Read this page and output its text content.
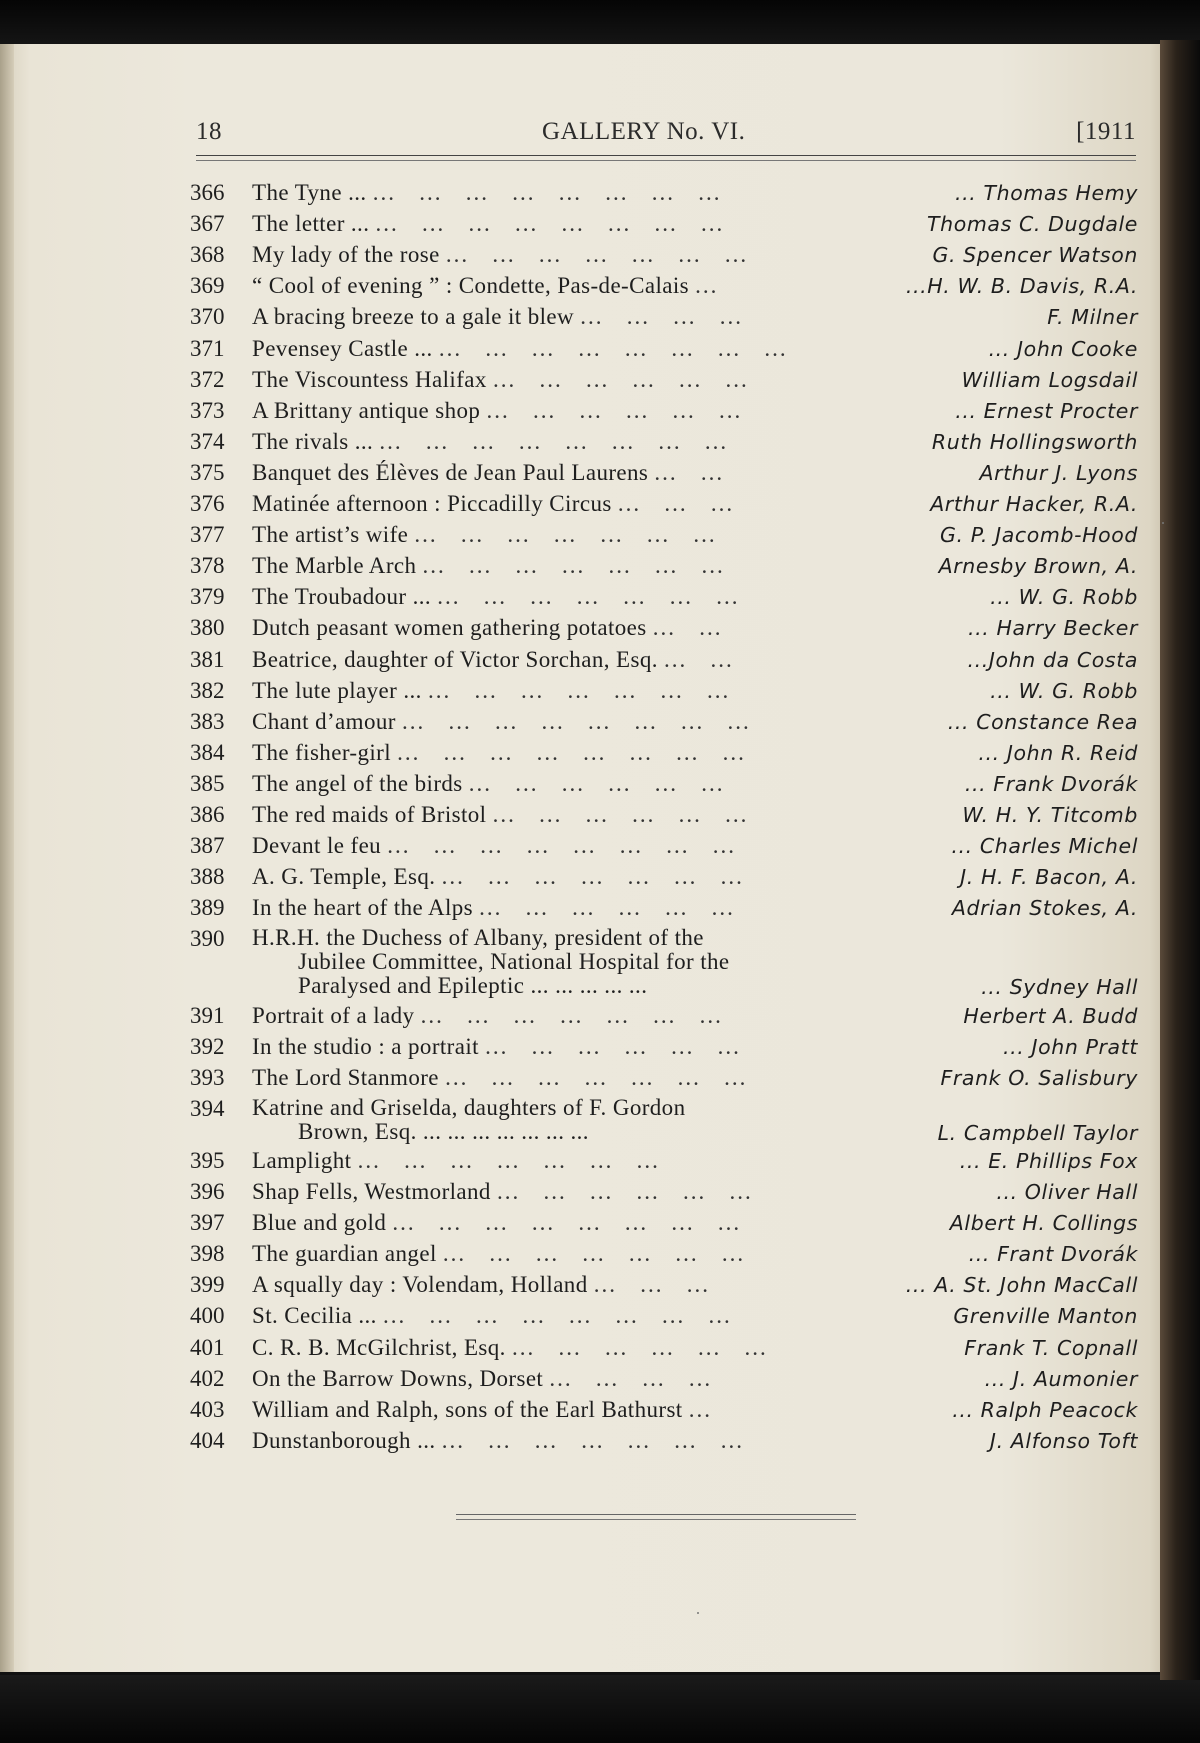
18	GALLERY No. VI.	[1911
366	The Tyne ... ...   ...   ...   ...   ...   ...   ...   ...	... Thomas Hemy
367	The letter ... ...   ...   ...   ...   ...   ...   ...   ...	Thomas C. Dugdale
368	My lady of the rose ...   ...   ...   ...   ...   ...   ...	G. Spencer Watson
369	“ Cool of evening ” : Condette, Pas-de-Calais ...	...H. W. B. Davis, R.A.
370	A bracing breeze to a gale it blew ...   ...   ...   ...	F. Milner
371	Pevensey Castle ... ...   ...   ...   ...   ...   ...   ...   ...	... John Cooke
372	The Viscountess Halifax ...   ...   ...   ...   ...   ...	William Logsdail
373	A Brittany antique shop ...   ...   ...   ...   ...   ...	... Ernest Procter
374	The rivals ... ...   ...   ...   ...   ...   ...   ...   ...	Ruth Hollingsworth
375	Banquet des Élèves de Jean Paul Laurens ...   ...	Arthur J. Lyons
376	Matinée afternoon : Piccadilly Circus ...   ...   ...	Arthur Hacker, R.A.
377	The artist’s wife ...   ...   ...   ...   ...   ...   ...	G. P. Jacomb-Hood
378	The Marble Arch ...   ...   ...   ...   ...   ...   ...	Arnesby Brown, A.
379	The Troubadour ... ...   ...   ...   ...   ...   ...   ...	... W. G. Robb
380	Dutch peasant women gathering potatoes ...   ...	... Harry Becker
381	Beatrice, daughter of Victor Sorchan, Esq. ...   ...	...John da Costa
382	The lute player ... ...   ...   ...   ...   ...   ...   ...	... W. G. Robb
383	Chant d’amour ...   ...   ...   ...   ...   ...   ...   ...	... Constance Rea
384	The fisher-girl ...   ...   ...   ...   ...   ...   ...   ...	... John R. Reid
385	The angel of the birds ...   ...   ...   ...   ...   ...	... Frank Dvorák
386	The red maids of Bristol ...   ...   ...   ...   ...   ...	W. H. Y. Titcomb
387	Devant le feu ...   ...   ...   ...   ...   ...   ...   ...	... Charles Michel
388	A. G. Temple, Esq. ...   ...   ...   ...   ...   ...   ...	J. H. F. Bacon, A.
389	In the heart of the Alps ...   ...   ...   ...   ...   ...	Adrian Stokes, A.
390	H.R.H. the Duchess of Albany, president of the
Jubilee Committee, National Hospital for the
Paralysed and Epileptic ... ... ... ... ...	... Sydney Hall
391	Portrait of a lady ...   ...   ...   ...   ...   ...   ...	Herbert A. Budd
392	In the studio : a portrait ...   ...   ...   ...   ...   ...	... John Pratt
393	The Lord Stanmore ...   ...   ...   ...   ...   ...   ...	Frank O. Salisbury
394	Katrine and Griselda, daughters of F. Gordon
Brown, Esq. ... ... ... ... ... ... ...	L. Campbell Taylor
395	Lamplight ...   ...   ...   ...   ...   ...   ...	... E. Phillips Fox
396	Shap Fells, Westmorland ...   ...   ...   ...   ...   ...	... Oliver Hall
397	Blue and gold ...   ...   ...   ...   ...   ...   ...   ...	Albert H. Collings
398	The guardian angel ...   ...   ...   ...   ...   ...   ...	... Frant Dvorák
399	A squally day : Volendam, Holland ...   ...   ...	... A. St. John MacCall
400	St. Cecilia ... ...   ...   ...   ...   ...   ...   ...   ...	Grenville Manton
401	C. R. B. McGilchrist, Esq. ...   ...   ...   ...   ...   ...	Frank T. Copnall
402	On the Barrow Downs, Dorset ...   ...   ...   ...	... J. Aumonier
403	William and Ralph, sons of the Earl Bathurst ...	... Ralph Peacock
404	Dunstanborough ... ...   ...   ...   ...   ...   ...   ...	J. Alfonso Toft
